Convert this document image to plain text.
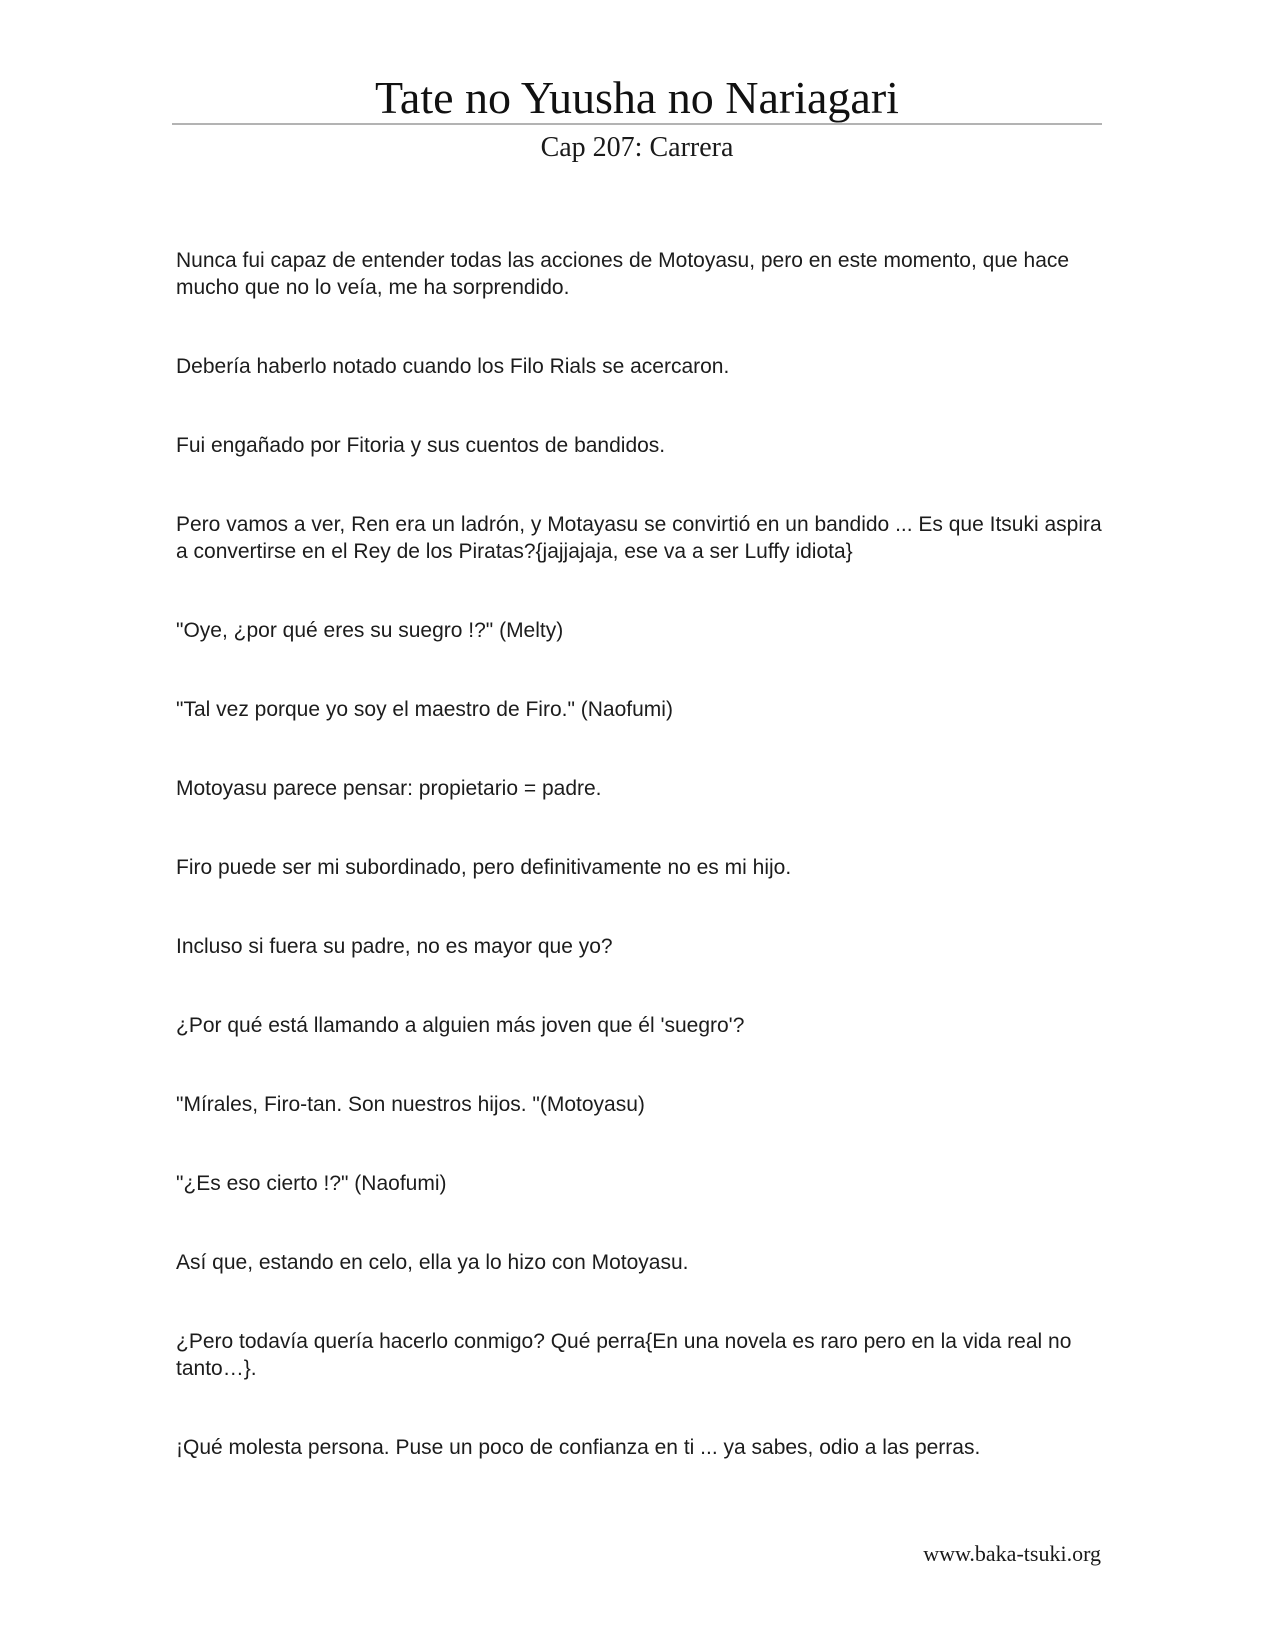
Tate no Yuusha no Nariagari
Cap 207: Carrera

Nunca fui capaz de entender todas las acciones de Motoyasu, pero en este momento, que hace mucho que no lo veía, me ha sorprendido.

Debería haberlo notado cuando los Filo Rials se acercaron.

Fui engañado por Fitoria y sus cuentos de bandidos.

Pero vamos a ver, Ren era un ladrón, y Motayasu se convirtió en un bandido ... Es que Itsuki aspira a convertirse en el Rey de los Piratas?{jajjajaja, ese va a ser Luffy idiota}

"Oye, ¿por qué eres su suegro !?" (Melty)

"Tal vez porque yo soy el maestro de Firo." (Naofumi)

Motoyasu parece pensar: propietario = padre.

Firo puede ser mi subordinado, pero definitivamente no es mi hijo.

Incluso si fuera su padre, no es mayor que yo?

¿Por qué está llamando a alguien más joven que él 'suegro'?

"Mírales, Firo-tan. Son nuestros hijos. "(Motoyasu)

"¿Es eso cierto !?" (Naofumi)

Así que, estando en celo, ella ya lo hizo con Motoyasu.

¿Pero todavía quería hacerlo conmigo? Qué perra{En una novela es raro pero en la vida real no tanto…}.

¡Qué molesta persona. Puse un poco de confianza en ti ... ya sabes, odio a las perras.

www.baka-tsuki.org
